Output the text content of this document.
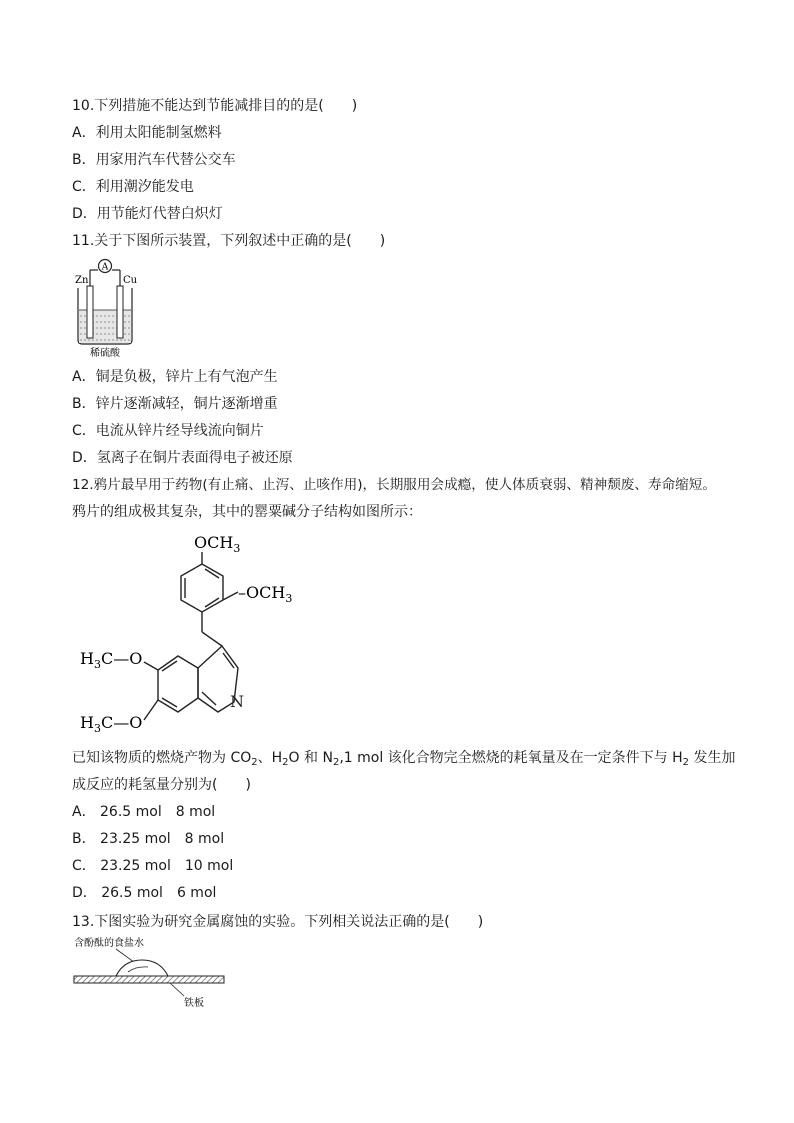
10.下列措施不能达到节能减排目的的是(　　)
A．利用太阳能制氢燃料
B．用家用汽车代替公交车
C．利用潮汐能发电
D．用节能灯代替白炽灯
11.关于下图所示装置，下列叙述中正确的是(　　)
A
Zn	Cu
稀硫酸
A．铜是负极，锌片上有气泡产生
B．锌片逐渐减轻，铜片逐渐增重
C．电流从锌片经导线流向铜片
D．氢离子在铜片表面得电子被还原
12.鸦片最早用于药物(有止痛、止泻、止咳作用)，长期服用会成瘾，使人体质衰弱、精神颓废、寿命缩短。
鸦片的组成极其复杂，其中的罂粟碱分子结构如图所示：
$OCH_3$
$-OCH_3$
$H_3C—O$
$H_3C—O$
N
已知该物质的燃烧产物为 $CO_2$、$H_2O$ 和 $N_2,1$ mol 该化合物完全燃烧的耗氧量及在一定条件下与 $H_2$ 发生加
成反应的耗氢量分别为(　　)
A． 26.5 mol　8 mol
B． 23.25 mol　8 mol
C． 23.25 mol　10 mol
D． 26.5 mol　6 mol
13.下图实验为研究金属腐蚀的实验。下列相关说法正确的是(　　)
含酚酞的食盐水
铁板
